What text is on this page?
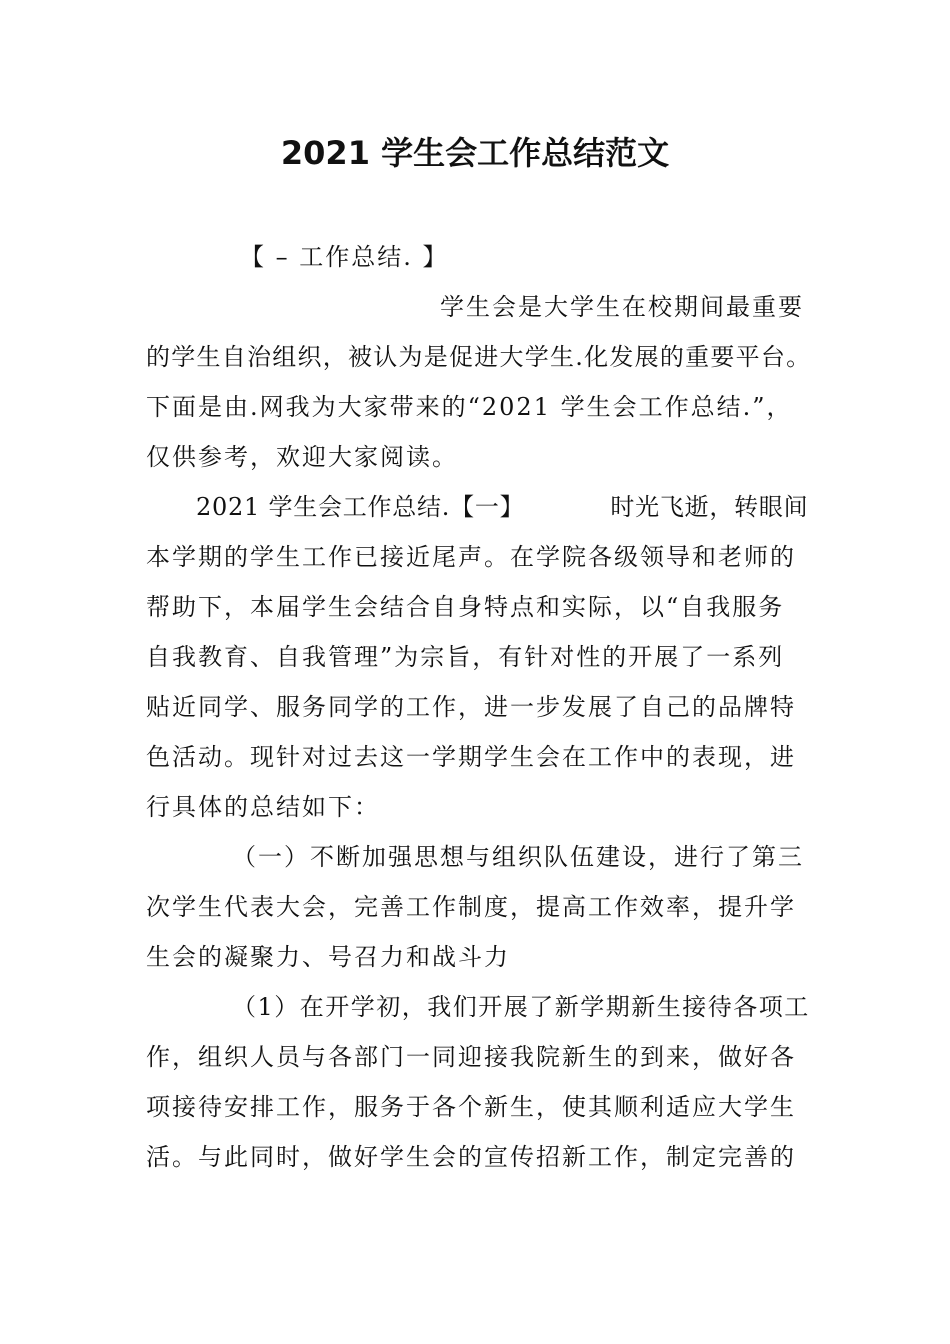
2021 学生会工作总结范文
【 – 工作总结. 】
学生会是大学生在校期间最重要
的学生自治组织，被认为是促进大学生.化发展的重要平台。
下面是由.网我为大家带来的“2021 学生会工作总结.”，
仅供参考，欢迎大家阅读。
2021 学生会工作总结.【一】	时光飞逝，转眼间
本学期的学生工作已接近尾声。在学院各级领导和老师的
帮助下，本届学生会结合自身特点和实际，以“自我服务
自我教育、自我管理”为宗旨，有针对性的开展了一系列
贴近同学、服务同学的工作，进一步发展了自己的品牌特
色活动。现针对过去这一学期学生会在工作中的表现，进
行具体的总结如下：
（一）不断加强思想与组织队伍建设，进行了第三
次学生代表大会，完善工作制度，提高工作效率，提升学
生会的凝聚力、号召力和战斗力
（1）在开学初，我们开展了新学期新生接待各项工
作，组织人员与各部门一同迎接我院新生的到来，做好各
项接待安排工作，服务于各个新生，使其顺利适应大学生
活。与此同时，做好学生会的宣传招新工作，制定完善的
